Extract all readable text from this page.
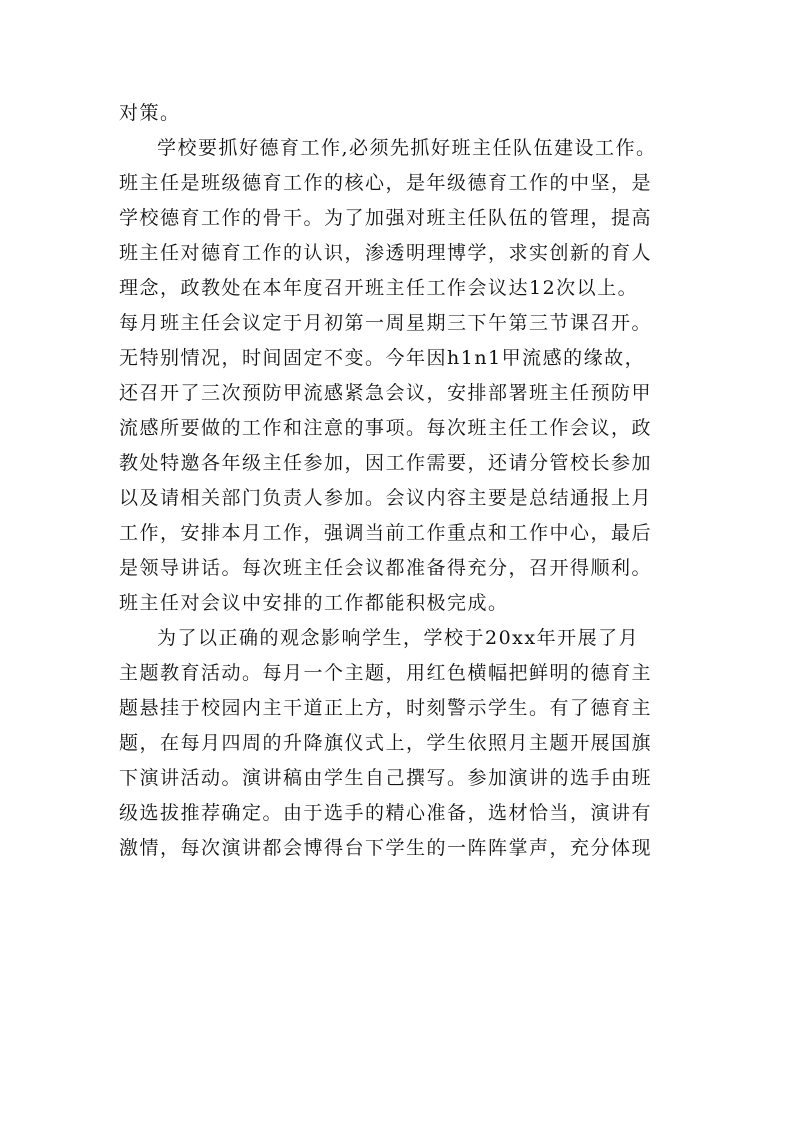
对策。
学校要抓好德育工作,必须先抓好班主任队伍建设工作。
班主任是班级德育工作的核心，是年级德育工作的中坚，是
学校德育工作的骨干。为了加强对班主任队伍的管理，提高
班主任对德育工作的认识，渗透明理博学，求实创新的育人
理念，政教处在本年度召开班主任工作会议达12次以上。
每月班主任会议定于月初第一周星期三下午第三节课召开。
无特别情况，时间固定不变。今年因h1n1甲流感的缘故，
还召开了三次预防甲流感紧急会议，安排部署班主任预防甲
流感所要做的工作和注意的事项。每次班主任工作会议，政
教处特邀各年级主任参加，因工作需要，还请分管校长参加
以及请相关部门负责人参加。会议内容主要是总结通报上月
工作，安排本月工作，强调当前工作重点和工作中心，最后
是领导讲话。每次班主任会议都准备得充分，召开得顺利。
班主任对会议中安排的工作都能积极完成。
为了以正确的观念影响学生，学校于20xx年开展了月
主题教育活动。每月一个主题，用红色横幅把鲜明的德育主
题悬挂于校园内主干道正上方，时刻警示学生。有了德育主
题，在每月四周的升降旗仪式上，学生依照月主题开展国旗
下演讲活动。演讲稿由学生自己撰写。参加演讲的选手由班
级选拔推荐确定。由于选手的精心准备，选材恰当，演讲有
激情，每次演讲都会博得台下学生的一阵阵掌声，充分体现
